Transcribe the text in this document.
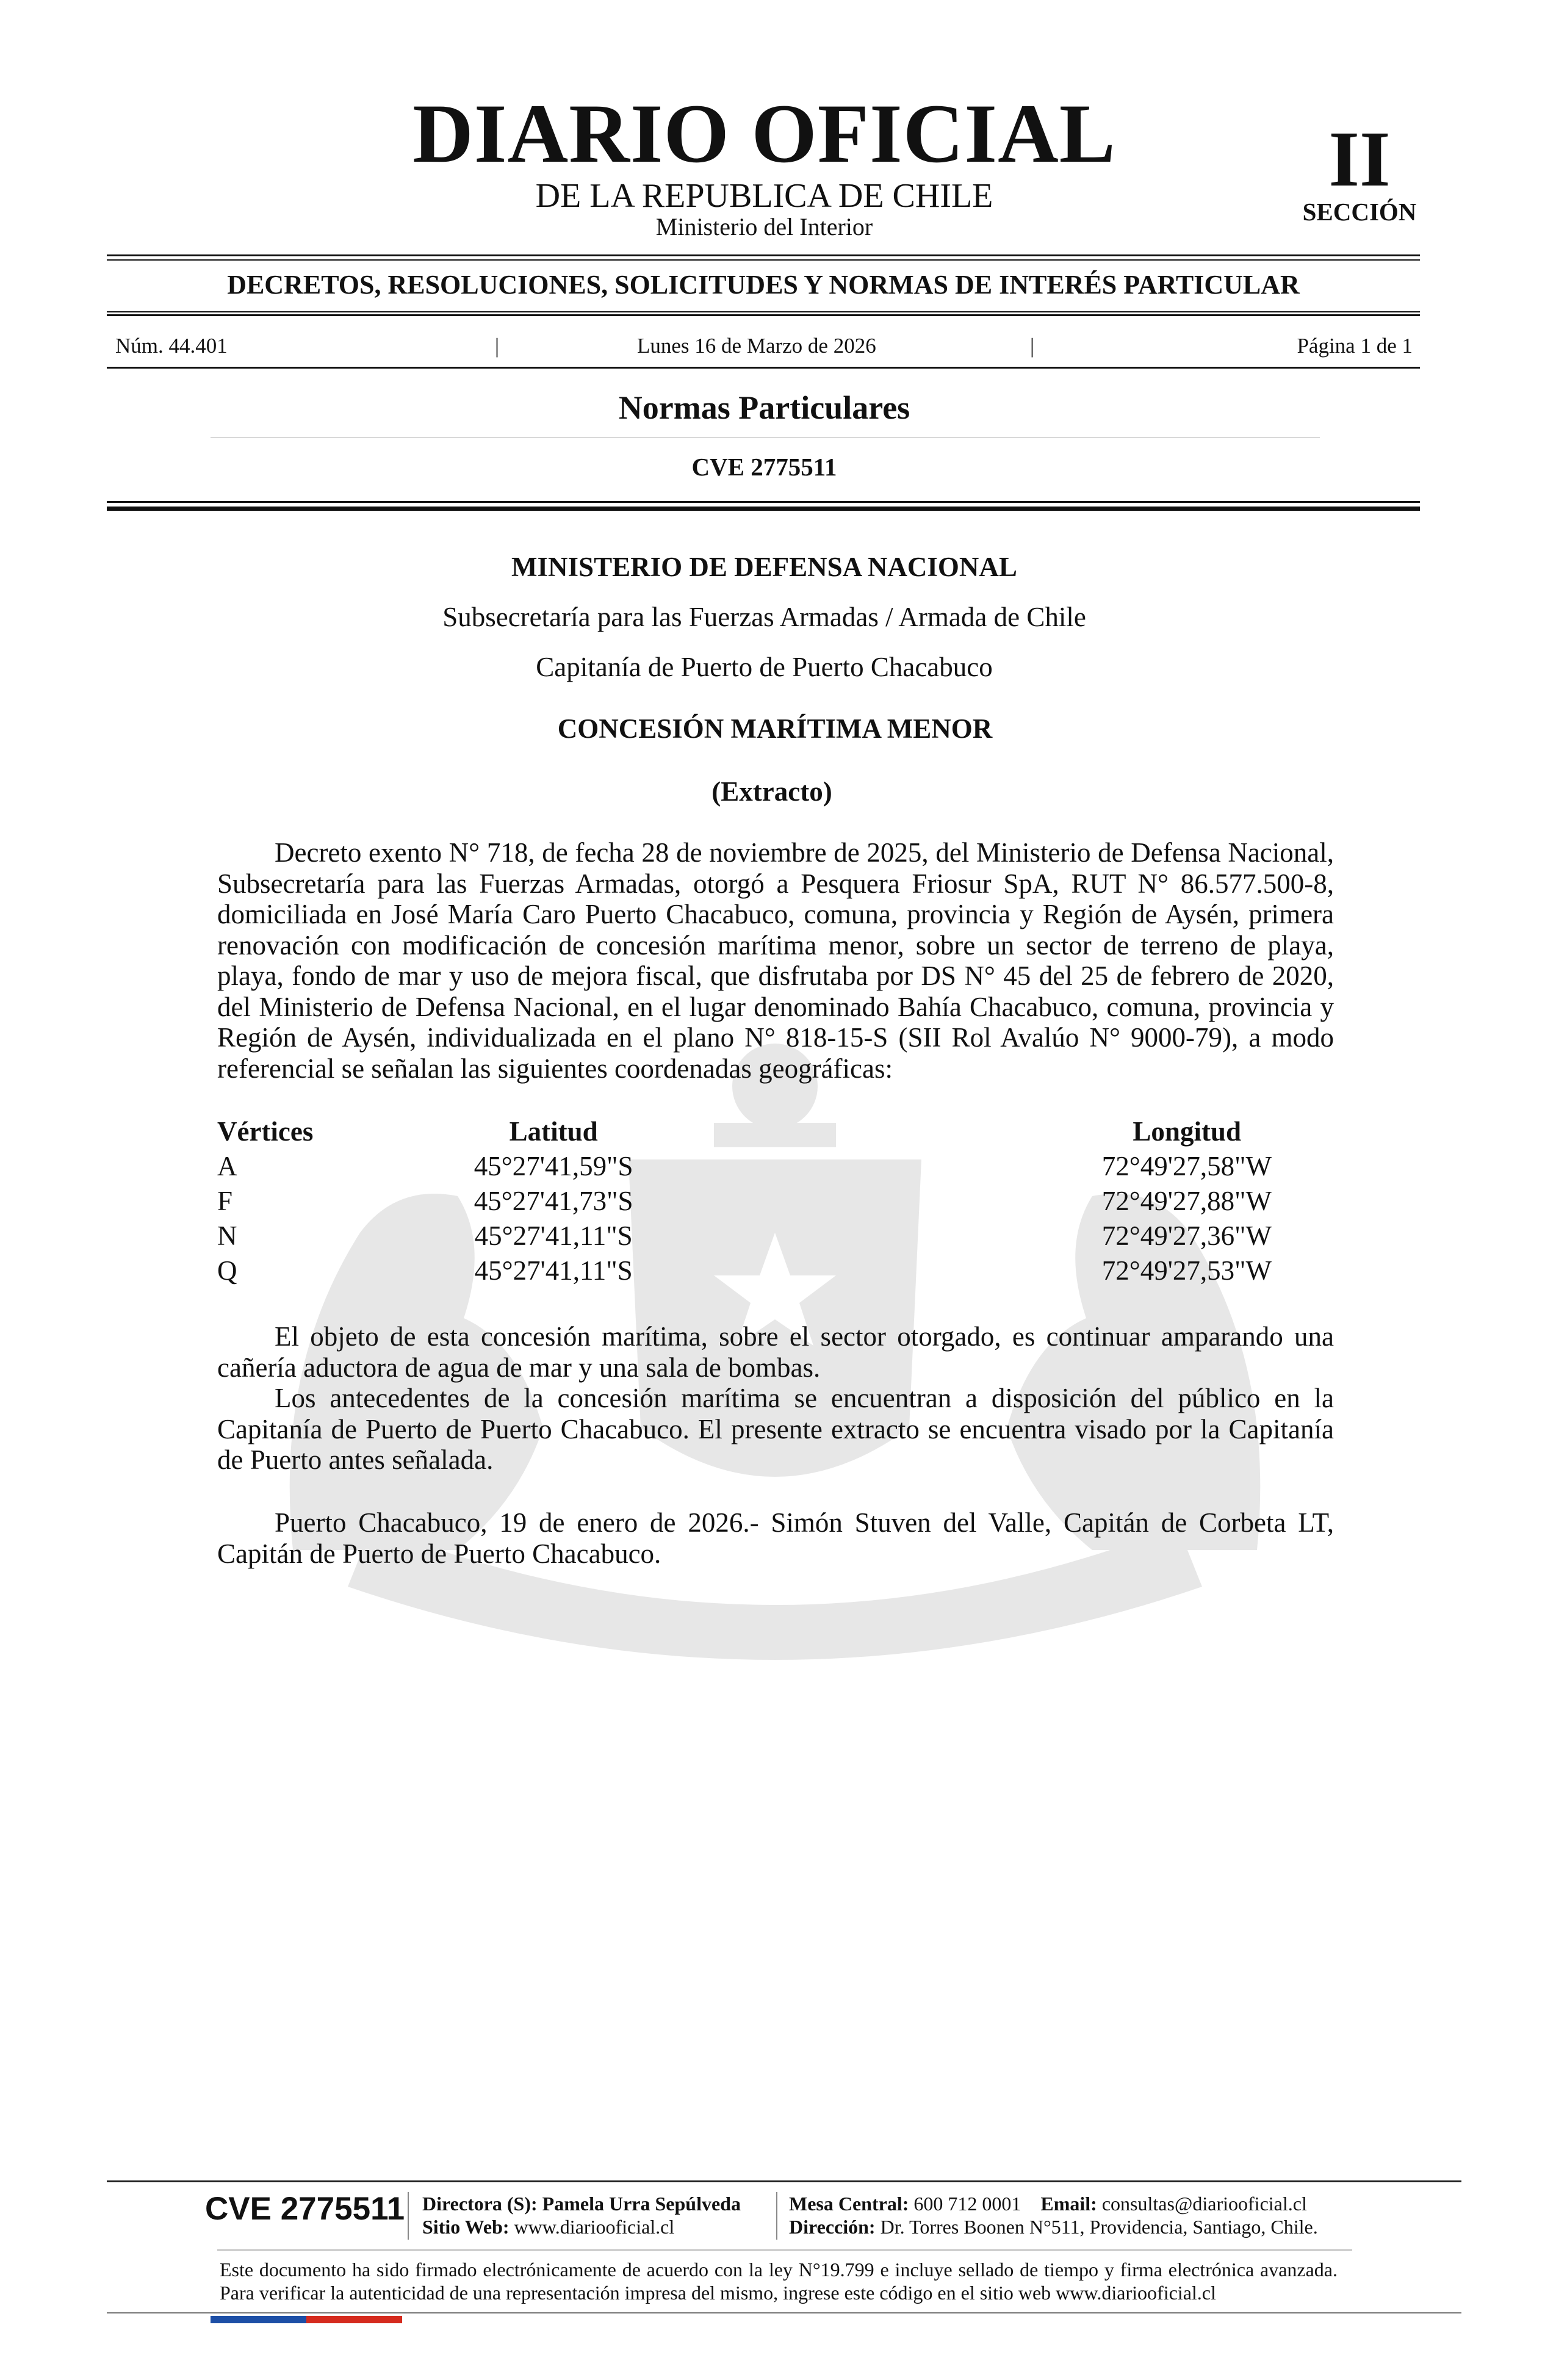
DIARIO OFICIAL
DE LA REPUBLICA DE CHILE
Ministerio del Interior
II
SECCIÓN
DECRETOS, RESOLUCIONES, SOLICITUDES Y NORMAS DE INTERÉS PARTICULAR
Núm. 44.401	|	Lunes 16 de Marzo de 2026	|	Página 1 de 1
Normas Particulares
CVE 2775511
MINISTERIO DE DEFENSA NACIONAL
Subsecretaría para las Fuerzas Armadas / Armada de Chile
Capitanía de Puerto de Puerto Chacabuco
CONCESIÓN MARÍTIMA MENOR
(Extracto)
Decreto exento N° 718, de fecha 28 de noviembre de 2025, del Ministerio de Defensa Nacional, Subsecretaría para las Fuerzas Armadas, otorgó a Pesquera Friosur SpA, RUT N° 86.577.500-8, domiciliada en José María Caro Puerto Chacabuco, comuna, provincia y Región de Aysén, primera renovación con modificación de concesión marítima menor, sobre un sector de terreno de playa, playa, fondo de mar y uso de mejora fiscal, que disfrutaba por DS N° 45 del 25 de febrero de 2020, del Ministerio de Defensa Nacional, en el lugar denominado Bahía Chacabuco, comuna, provincia y Región de Aysén, individualizada en el plano N° 818-15-S (SII Rol Avalúo N° 9000-79), a modo referencial se señalan las siguientes coordenadas geográficas:
Vértices	Latitud	Longitud
A	45°27'41,59"S	72°49'27,58"W
F	45°27'41,73"S	72°49'27,88"W
N	45°27'41,11"S	72°49'27,36"W
Q	45°27'41,11"S	72°49'27,53"W
El objeto de esta concesión marítima, sobre el sector otorgado, es continuar amparando una cañería aductora de agua de mar y una sala de bombas.
Los antecedentes de la concesión marítima se encuentran a disposición del público en la Capitanía de Puerto de Puerto Chacabuco. El presente extracto se encuentra visado por la Capitanía de Puerto antes señalada.
Puerto Chacabuco, 19 de enero de 2026.- Simón Stuven del Valle, Capitán de Corbeta LT, Capitán de Puerto de Puerto Chacabuco.
CVE 2775511 Directora (S): Pamela Urra Sepúlveda
Sitio Web: www.diariooficial.cl
Mesa Central: 600 712 0001 Email: consultas@diariooficial.cl
Dirección: Dr. Torres Boonen N°511, Providencia, Santiago, Chile.
Este documento ha sido firmado electrónicamente de acuerdo con la ley N°19.799 e incluye sellado de tiempo y firma electrónica avanzada. Para verificar la autenticidad de una representación impresa del mismo, ingrese este código en el sitio web www.diariooficial.cl
